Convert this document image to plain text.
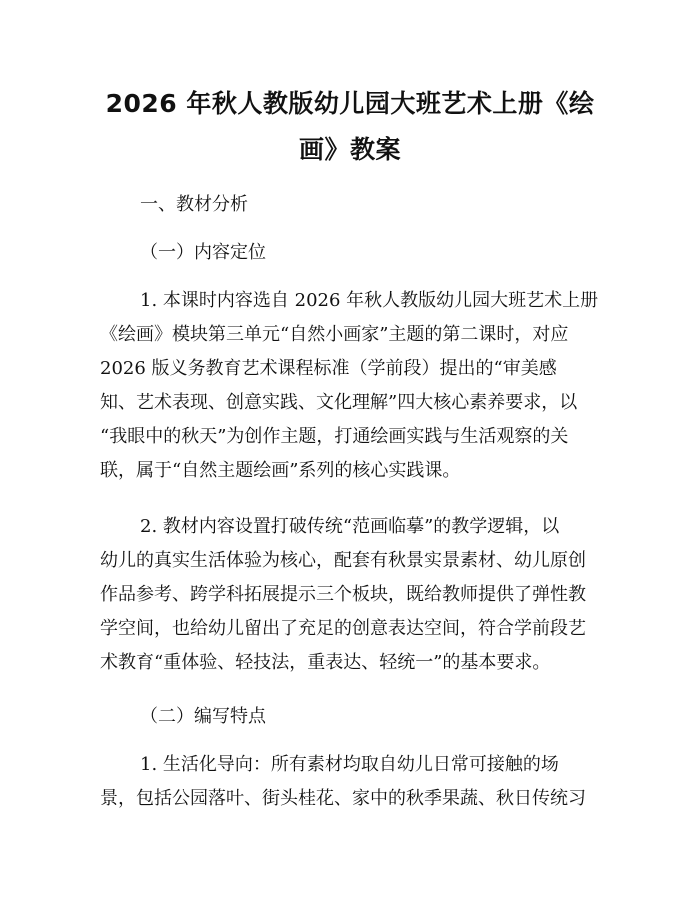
2026 年秋人教版幼儿园大班艺术上册《绘
画》教案
一、教材分析
（一）内容定位
1. 本课时内容选自 2026 年秋人教版幼儿园大班艺术上册
《绘画》模块第三单元“自然小画家”主题的第二课时，对应
2026 版义务教育艺术课程标准（学前段）提出的“审美感
知、艺术表现、创意实践、文化理解”四大核心素养要求，以
“我眼中的秋天”为创作主题，打通绘画实践与生活观察的关
联，属于“自然主题绘画”系列的核心实践课。
2. 教材内容设置打破传统“范画临摹”的教学逻辑，以
幼儿的真实生活体验为核心，配套有秋景实景素材、幼儿原创
作品参考、跨学科拓展提示三个板块，既给教师提供了弹性教
学空间，也给幼儿留出了充足的创意表达空间，符合学前段艺
术教育“重体验、轻技法，重表达、轻统一”的基本要求。
（二）编写特点
1. 生活化导向：所有素材均取自幼儿日常可接触的场
景，包括公园落叶、街头桂花、家中的秋季果蔬、秋日传统习
